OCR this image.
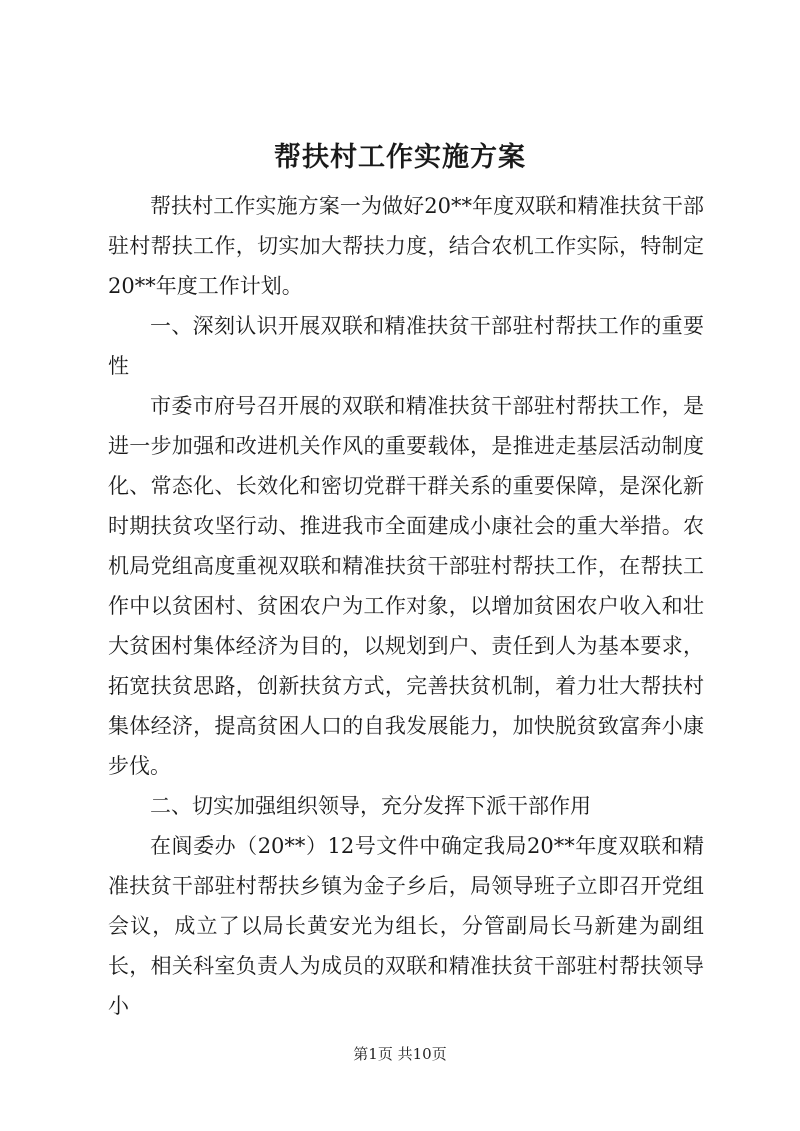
帮扶村工作实施方案

帮扶村工作实施方案一为做好20**年度双联和精准扶贫干部驻村帮扶工作，切实加大帮扶力度，结合农机工作实际，特制定20**年度工作计划。

一、深刻认识开展双联和精准扶贫干部驻村帮扶工作的重要性

市委市府号召开展的双联和精准扶贫干部驻村帮扶工作，是进一步加强和改进机关作风的重要载体，是推进走基层活动制度化、常态化、长效化和密切党群干群关系的重要保障，是深化新时期扶贫攻坚行动、推进我市全面建成小康社会的重大举措。农机局党组高度重视双联和精准扶贫干部驻村帮扶工作，在帮扶工作中以贫困村、贫困农户为工作对象，以增加贫困农户收入和壮大贫困村集体经济为目的，以规划到户、责任到人为基本要求，拓宽扶贫思路，创新扶贫方式，完善扶贫机制，着力壮大帮扶村集体经济，提高贫困人口的自我发展能力，加快脱贫致富奔小康步伐。

二、切实加强组织领导，充分发挥下派干部作用

在阆委办（20**）12号文件中确定我局20**年度双联和精准扶贫干部驻村帮扶乡镇为金子乡后，局领导班子立即召开党组会议，成立了以局长黄安光为组长，分管副局长马新建为副组长，相关科室负责人为成员的双联和精准扶贫干部驻村帮扶领导小

第1页 共10页
